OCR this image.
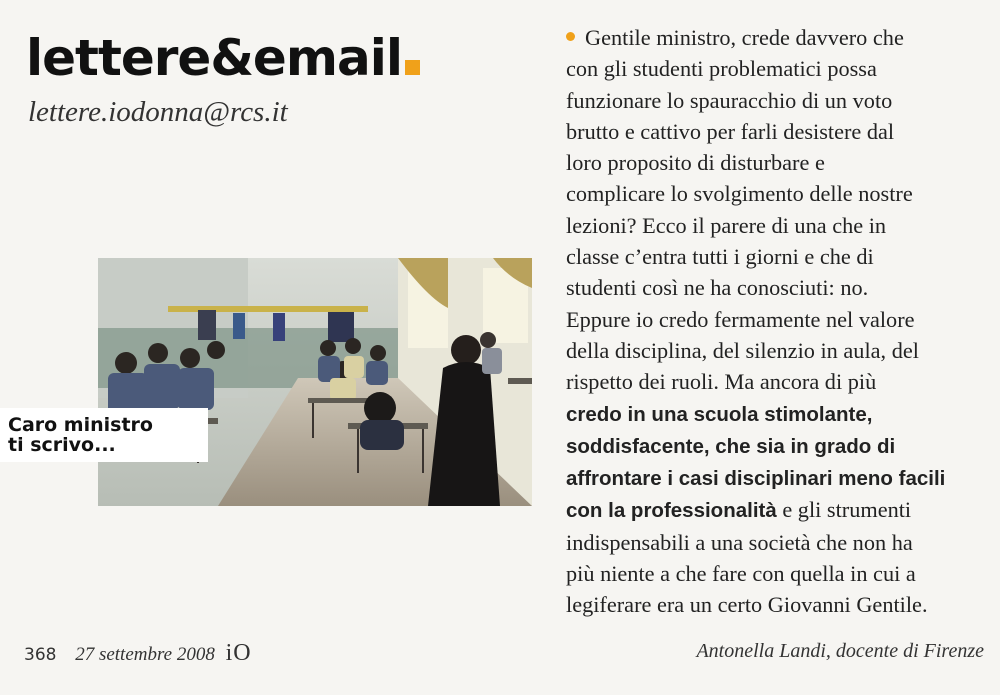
lettere&email
lettere.iodonna@rcs.it
Caro ministro
ti scrivo...
Gentile ministro, crede davvero che
con gli studenti problematici possa
funzionare lo spauracchio di un voto
brutto e cattivo per farli desistere dal
loro proposito di disturbare e
complicare lo svolgimento delle nostre
lezioni? Ecco il parere di una che in
classe c’entra tutti i giorni e che di
studenti così ne ha conosciuti: no.
Eppure io credo fermamente nel valore
della disciplina, del silenzio in aula, del
rispetto dei ruoli. Ma ancora di più
credo in una scuola stimolante,
soddisfacente, che sia in grado di
affrontare i casi disciplinari meno facili
con la professionalità e gli strumenti
indispensabili a una società che non ha
più niente a che fare con quella in cui a
legiferare era un certo Giovanni Gentile.
Antonella Landi, docente di Firenze
368 27 settembre 2008 iO
